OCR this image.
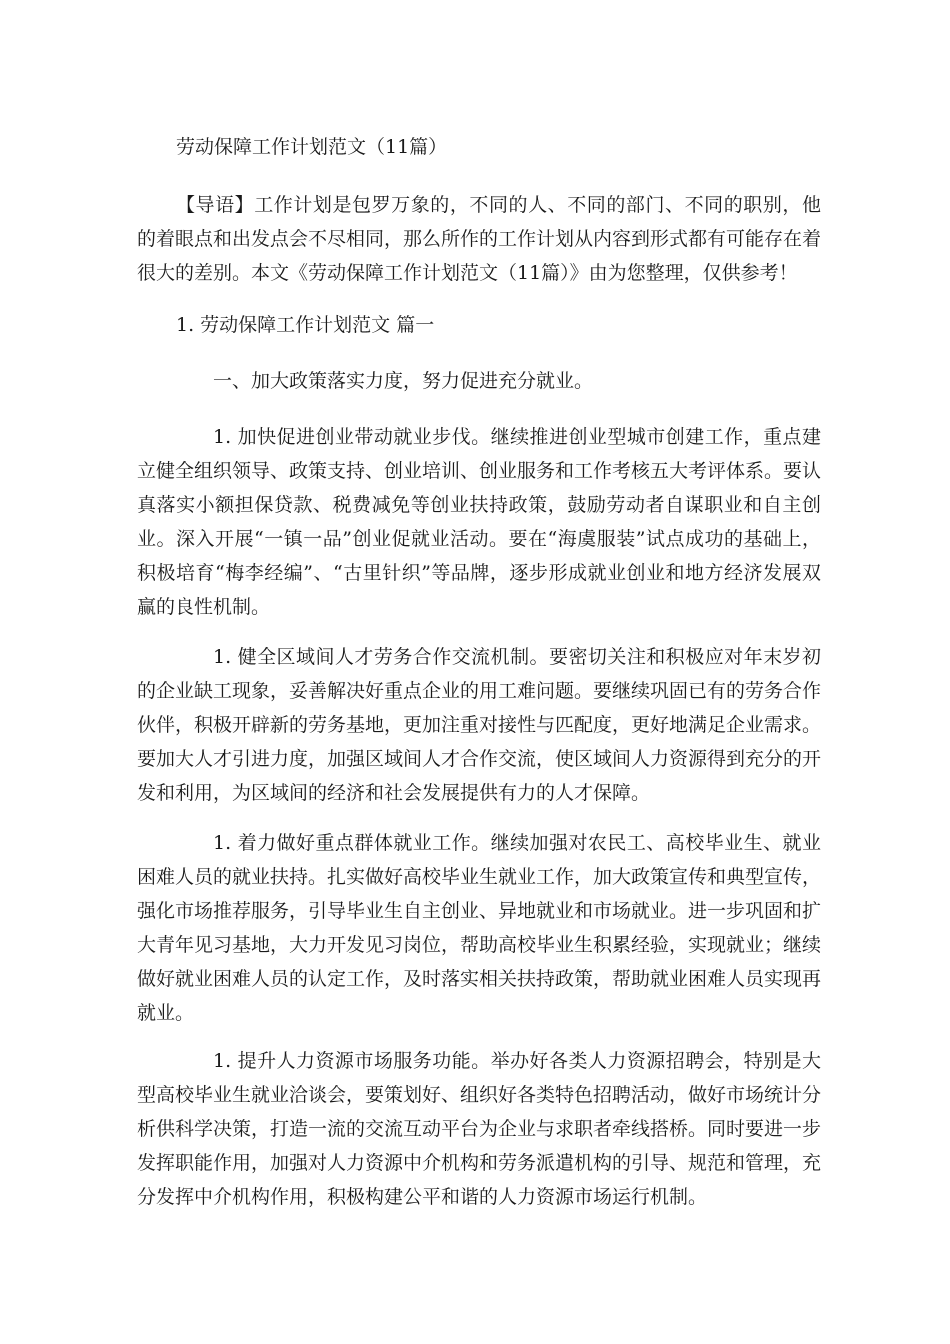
劳动保障工作计划范文（11篇）

【导语】工作计划是包罗万象的，不同的人、不同的部门、不同的职别，他的着眼点和出发点会不尽相同，那么所作的工作计划从内容到形式都有可能存在着很大的差别。本文《劳动保障工作计划范文（11篇）》由为您整理，仅供参考！

1. 劳动保障工作计划范文 篇一

一、加大政策落实力度，努力促进充分就业。

1. 加快促进创业带动就业步伐。继续推进创业型城市创建工作，重点建立健全组织领导、政策支持、创业培训、创业服务和工作考核五大考评体系。要认真落实小额担保贷款、税费减免等创业扶持政策，鼓励劳动者自谋职业和自主创业。深入开展“一镇一品”创业促就业活动。要在“海虞服装”试点成功的基础上，积极培育“梅李经编”、“古里针织”等品牌，逐步形成就业创业和地方经济发展双赢的良性机制。

1. 健全区域间人才劳务合作交流机制。要密切关注和积极应对年末岁初的企业缺工现象，妥善解决好重点企业的用工难问题。要继续巩固已有的劳务合作伙伴，积极开辟新的劳务基地，更加注重对接性与匹配度，更好地满足企业需求。要加大人才引进力度，加强区域间人才合作交流，使区域间人力资源得到充分的开发和利用，为区域间的经济和社会发展提供有力的人才保障。

1. 着力做好重点群体就业工作。继续加强对农民工、高校毕业生、就业困难人员的就业扶持。扎实做好高校毕业生就业工作，加大政策宣传和典型宣传，强化市场推荐服务，引导毕业生自主创业、异地就业和市场就业。进一步巩固和扩大青年见习基地，大力开发见习岗位，帮助高校毕业生积累经验，实现就业；继续做好就业困难人员的认定工作，及时落实相关扶持政策，帮助就业困难人员实现再就业。

1. 提升人力资源市场服务功能。举办好各类人力资源招聘会，特别是大型高校毕业生就业洽谈会，要策划好、组织好各类特色招聘活动，做好市场统计分析供科学决策，打造一流的交流互动平台为企业与求职者牵线搭桥。同时要进一步发挥职能作用，加强对人力资源中介机构和劳务派遣机构的引导、规范和管理，充分发挥中介机构作用，积极构建公平和谐的人力资源市场运行机制。
